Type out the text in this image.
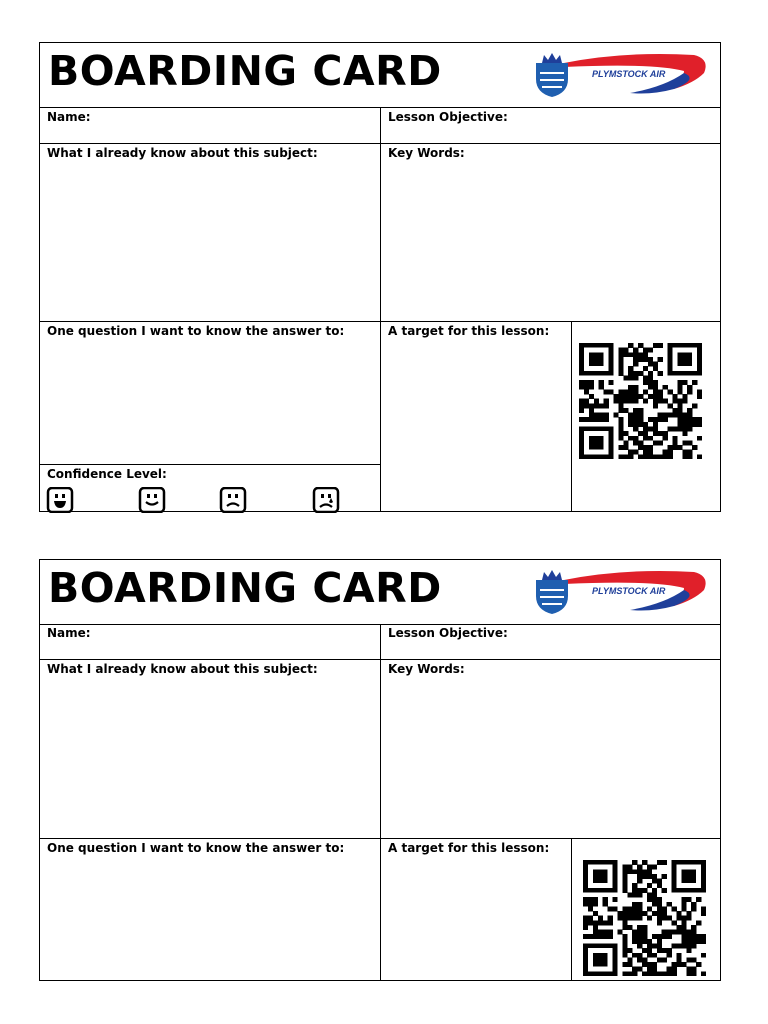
BOARDING CARD	PLYMSTOCK AIR
Name:	Lesson Objective:
What I already know about this subject:	Key Words:
One question I want to know the answer to:	A target for this lesson:
Confidence Level:
BOARDING CARD	PLYMSTOCK AIR
Name:	Lesson Objective:
What I already know about this subject:	Key Words:
One question I want to know the answer to:	A target for this lesson:
